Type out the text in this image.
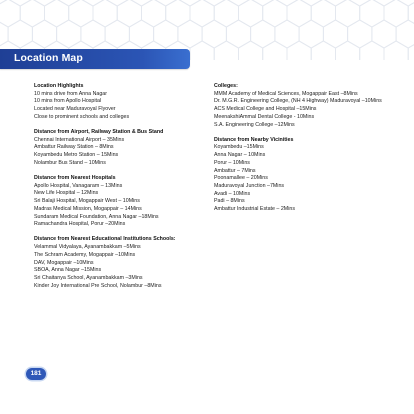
Location Map
Location Highlights
10 mins drive from Anna Nagar
10 mins from Apollo Hospital
Located near Maduravoyal Flyover
Close to prominent schools and colleges
Distance from Airport, Railway Station & Bus Stand
Chennai International Airport – 35Mins
Ambattur Railway Station – 8Mins
Koyambedu Metro Station – 15Mins
Nolambur Bus Stand – 10Mins
Distance from Nearest Hospitals
Apollo Hospital, Vanagaram – 13Mins
New Life Hospital – 12Mins
Sri Balaji Hospital, Mogappair West – 10Mins
Madras Medical Mission, Mogappair – 14Mins
Sundaram Medical Foundation, Anna Nagar –18Mins
Ramachandra Hospital, Porur –20Mins
Distance from Nearest Educational Institutions Schools:
Velammal Vidyalaya, Ayanambakkam –5Mins
The Schram Academy, Mogappair –10Mins
DAV, Mogappair –10Mins
SBOA, Anna Nagar –15Mins
Sri Chaitanya School, Ayanambakkam –3Mins
Kinder Joy International Pre School, Nolambur –8Mins
Colleges:
MMM Academy of Medical Sciences, Mogappair East –8Mins
Dr. M.G.R. Engineering College, (NH 4 Highway) Maduravoyal –10Mins
ACS Medical College and Hospital –15Mins
MeenakshiAmmal Dental College - 10Mins
S.A. Engineering College –12Mins
Distance from Nearby Vicinities
Koyambedu –15Mins
Anna Nagar – 10Mins
Porur – 10Mins
Ambattur – 7Mins
Poonamallee – 20Mins
Maduravoyal Junction –7Mins
Avadi – 10Mins
Padi – 8Mins
Ambattur Industrial Estate – 2Mins
181
